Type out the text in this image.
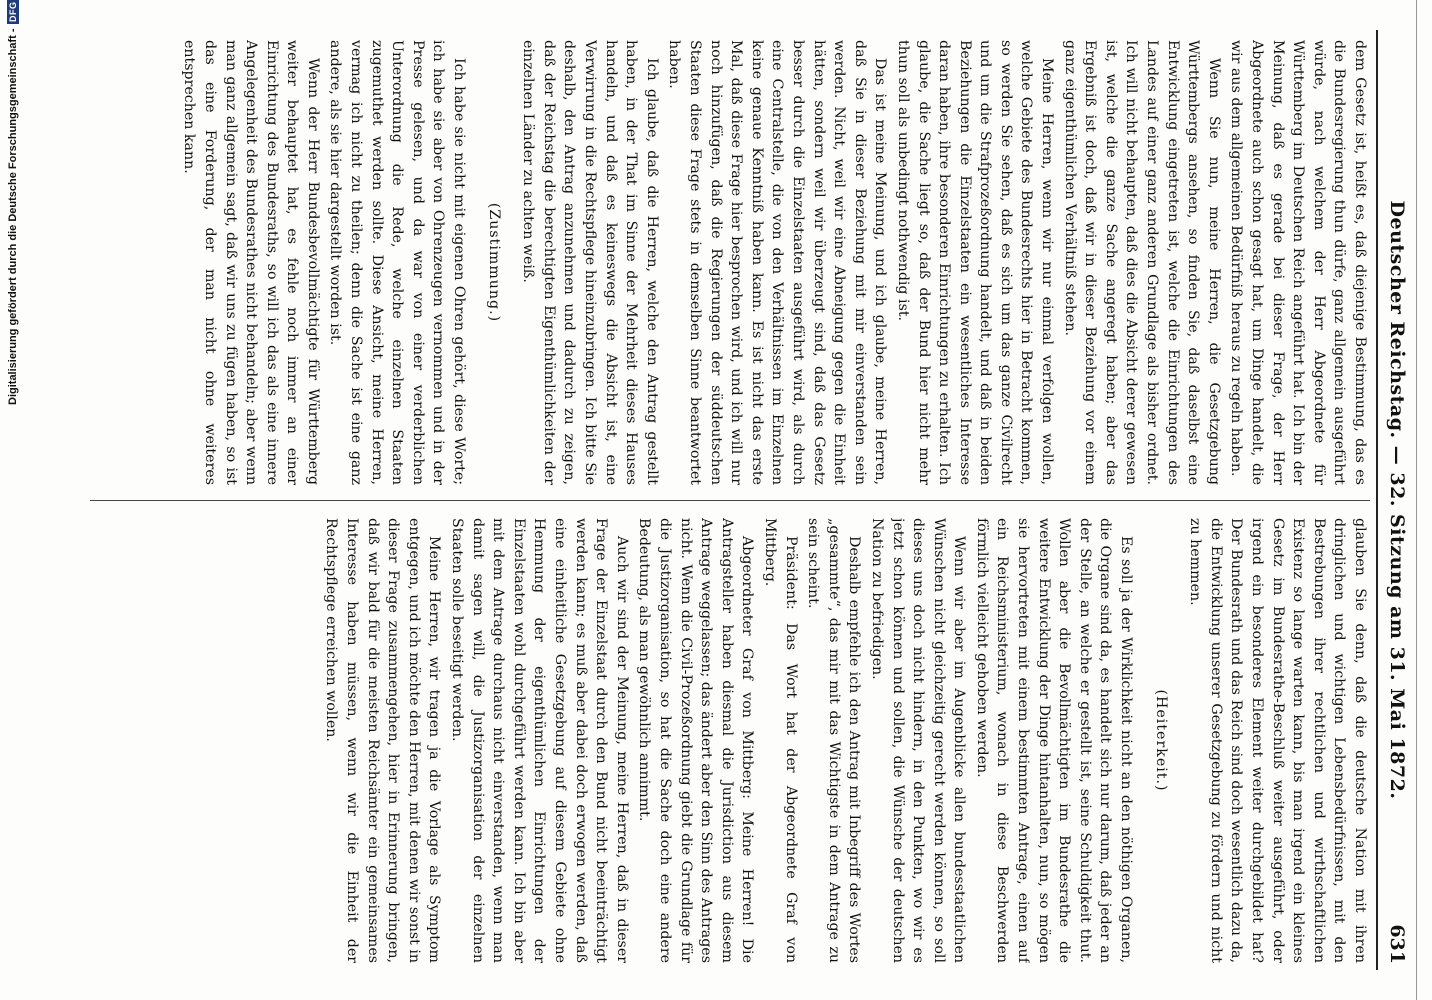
Deutscher Reichstag. — 32. Sitzung am 31. Mai 1872.
631

dem Gesetz ist, heißt es, daß diejenige Bestimmung, das es die Bundesregierung thun dürfe, ganz allgemein ausgeführt würde, nach welchem der Herr Abgeordnete für Württemberg im Deutschen Reich angeführt hat. Ich bin der Meinung, daß es gerade bei dieser Frage, der Herr Abgeordnete auch schon gesagt hat, um Dinge handelt, die wir aus dem allgemeinen Bedürfniß heraus zu regeln haben.

Wenn Sie nun, meine Herren, die Gesetzgebung Württembergs ansehen, so finden Sie, daß daselbst eine Entwicklung eingetreten ist, welche die Einrichtungen des Landes auf einer ganz anderen Grundlage als bisher ordnet. Ich will nicht behaupten, daß dies die Absicht derer gewesen ist, welche die ganze Sache angeregt haben; aber das Ergebniß ist doch, daß wir in dieser Beziehung vor einem ganz eigenthümlichen Verhältniß stehen.

Meine Herren, wenn wir nur einmal verfolgen wollen, welche Gebiete des Bundesrechts hier in Betracht kommen, so werden Sie sehen, daß es sich um das ganze Civilrecht und um die Strafprozeßordnung handelt, und daß in beiden Beziehungen die Einzelstaaten ein wesentliches Interesse daran haben, ihre besonderen Einrichtungen zu erhalten. Ich glaube, die Sache liegt so, daß der Bund hier nicht mehr thun soll als unbedingt nothwendig ist.

Das ist meine Meinung, und ich glaube, meine Herren, daß Sie in dieser Beziehung mit mir einverstanden sein werden. Nicht, weil wir eine Abneigung gegen die Einheit hätten, sondern weil wir überzeugt sind, daß das Gesetz besser durch die Einzelstaaten ausgeführt wird, als durch eine Centralstelle, die von den Verhältnissen im Einzelnen keine genaue Kenntniß haben kann. Es ist nicht das erste Mal, daß diese Frage hier besprochen wird, und ich will nur noch hinzufügen, daß die Regierungen der süddeutschen Staaten diese Frage stets in demselben Sinne beantwortet haben.

Ich glaube, daß die Herren, welche den Antrag gestellt haben, in der That im Sinne der Mehrheit dieses Hauses handeln, und daß es keineswegs die Absicht ist, eine Verwirrung in die Rechtspflege hineinzubringen. Ich bitte Sie deshalb, den Antrag anzunehmen und dadurch zu zeigen, daß der Reichstag die berechtigten Eigenthümlichkeiten der einzelnen Länder zu achten weiß.

(Zustimmung.)

Ich habe sie nicht mit eigenen Ohren gehört, diese Worte; ich habe sie aber von Ohrenzeugen vernommen und in der Presse gelesen, und da war von einer verderblichen Unterordnung die Rede, welche einzelnen Staaten zugemuthet werden sollte. Diese Ansicht, meine Herren, vermag ich nicht zu theilen; denn die Sache ist eine ganz andere, als sie hier dargestellt worden ist.

Wenn der Herr Bundesbevollmächtigte für Württemberg weiter behauptet hat, es fehle noch immer an einer Einrichtung des Bundesraths, so will ich das als eine innere Angelegenheit des Bundesrathes nicht behandeln; aber wenn man ganz allgemein sagt, daß wir uns zu fügen haben, so ist das eine Forderung, der man nicht ohne weiteres entsprechen kann.

glauben Sie denn, daß die deutsche Nation mit ihren dringlichen und wichtigen Lebensbedürfnissen, mit den Bestrebungen ihrer rechtlichen und wirthschaftlichen Existenz so lange warten kann, bis man irgend ein kleines Gesetz im Bundesrathe-Beschluß weiter ausgeführt, oder irgend ein besonderes Element weiter durchgebildet hat? Der Bundesrath und das Reich sind doch wesentlich dazu da, die Entwicklung unserer Gesetzgebung zu fördern und nicht zu hemmen.

(Heiterkeit.)

Es soll ja der Wirklichkeit nicht an den nöthigen Organen, die Organe sind da, es handelt sich nur darum, daß jeder an der Stelle, an welche er gestellt ist, seine Schuldigkeit thut. Wollen aber die Bevollmächtigten im Bundesrathe die weitere Entwicklung der Dinge hintanhalten, nun, so mögen sie hervortreten mit einem bestimmten Antrage, einen auf ein Reichsministerium, wonach in diese Beschwerden förmlich vielleicht gehoben werden.

Wenn wir aber im Augenblicke allen bundesstaatlichen Wünschen nicht gleichzeitig gerecht werden können, so soll dieses uns doch nicht hindern, in den Punkten, wo wir es jetzt schon können und sollen, die Wünsche der deutschen Nation zu befriedigen.

Deshalb empfehle ich den Antrag mit Inbegriff des Wortes „gesammte“, das mir mit das Wichtigste in dem Antrage zu sein scheint.

Präsident: Das Wort hat der Abgeordnete Graf von Mittberg.

Abgeordneter Graf von Mittberg: Meine Herren! Die Antragsteller haben diesmal die Jurisdiction aus diesem Antrage weggelassen; das ändert aber den Sinn des Antrages nicht. Wenn die Civil-Prozeßordnung giebt die Grundlage für die Justizorganisation, so hat die Sache doch eine andere Bedeutung, als man gewöhnlich annimmt.

Auch wir sind der Meinung, meine Herren, daß in dieser Frage der Einzelstaat durch den Bund nicht beeinträchtigt werden kann; es muß aber dabei doch erwogen werden, daß eine einheitliche Gesetzgebung auf diesem Gebiete ohne Hemmung der eigenthümlichen Einrichtungen der Einzelstaaten wohl durchgeführt werden kann. Ich bin aber mit dem Antrage durchaus nicht einverstanden, wenn man damit sagen will, die Justizorganisation der einzelnen Staaten solle beseitigt werden.

Meine Herren, wir tragen ja die Vorlage als Symptom entgegen, und ich möchte den Herren, mit denen wir sonst in dieser Frage zusammengehen, hier in Erinnerung bringen, daß wir bald für die meisten Reichsämter ein gemeinsames Interesse haben müssen, wenn wir die Einheit der Rechtspflege erreichen wollen.

Digitalisierung gefördert durch die Deutsche Forschungsgemeinschaft -
DFG
